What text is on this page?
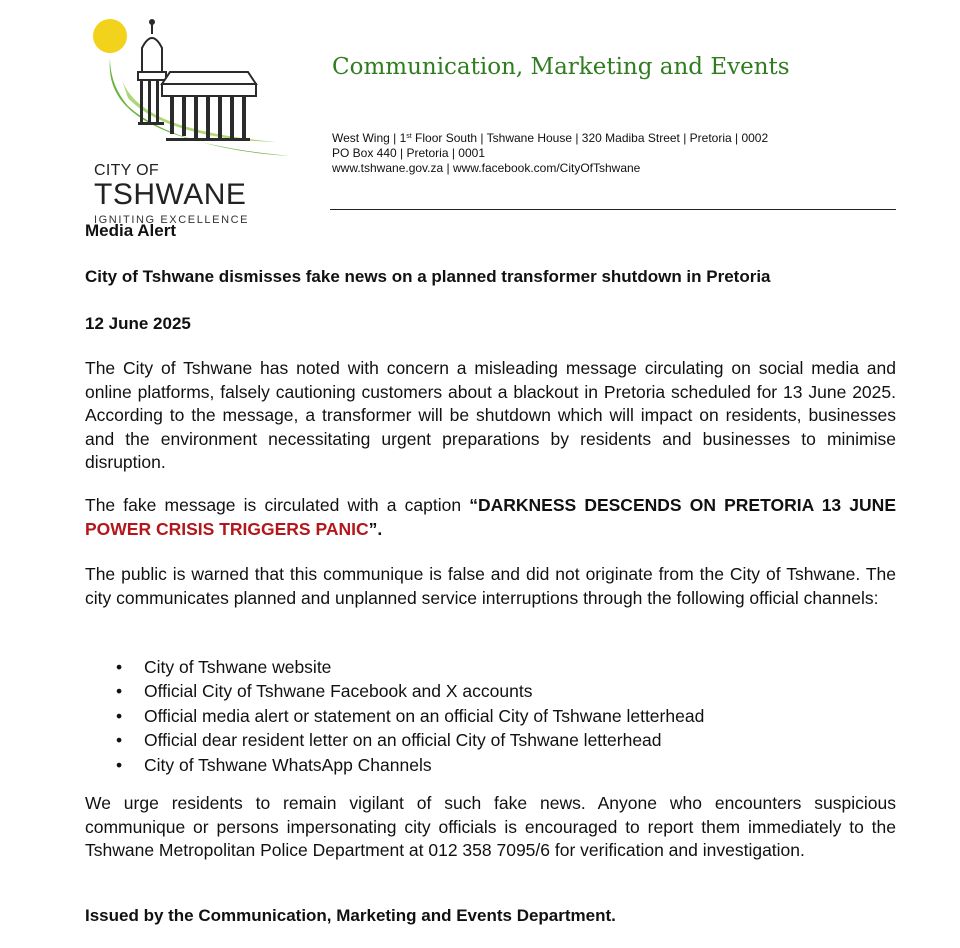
CITY OF
TSHWANE
IGNITING EXCELLENCE
Communication, Marketing and Events
West Wing | 1st Floor South | Tshwane House | 320 Madiba Street | Pretoria | 0002
PO Box 440 | Pretoria | 0001
www.tshwane.gov.za | www.facebook.com/CityOfTshwane
Media Alert
City of Tshwane dismisses fake news on a planned transformer shutdown in Pretoria
12 June 2025
The City of Tshwane has noted with concern a misleading message circulating on social media and online platforms, falsely cautioning customers about a blackout in Pretoria scheduled for 13 June 2025. According to the message, a transformer will be shutdown which will impact on residents, businesses and the environment necessitating urgent preparations by residents and businesses to minimise disruption.
The fake message is circulated with a caption “DARKNESS DESCENDS ON PRETORIA 13 JUNE POWER CRISIS TRIGGERS PANIC”.
The public is warned that this communique is false and did not originate from the City of Tshwane. The city communicates planned and unplanned service interruptions through the following official channels:
• City of Tshwane website
• Official City of Tshwane Facebook and X accounts
• Official media alert or statement on an official City of Tshwane letterhead
• Official dear resident letter on an official City of Tshwane letterhead
• City of Tshwane WhatsApp Channels
We urge residents to remain vigilant of such fake news. Anyone who encounters suspicious communique or persons impersonating city officials is encouraged to report them immediately to the Tshwane Metropolitan Police Department at 012 358 7095/6 for verification and investigation.
Issued by the Communication, Marketing and Events Department.
